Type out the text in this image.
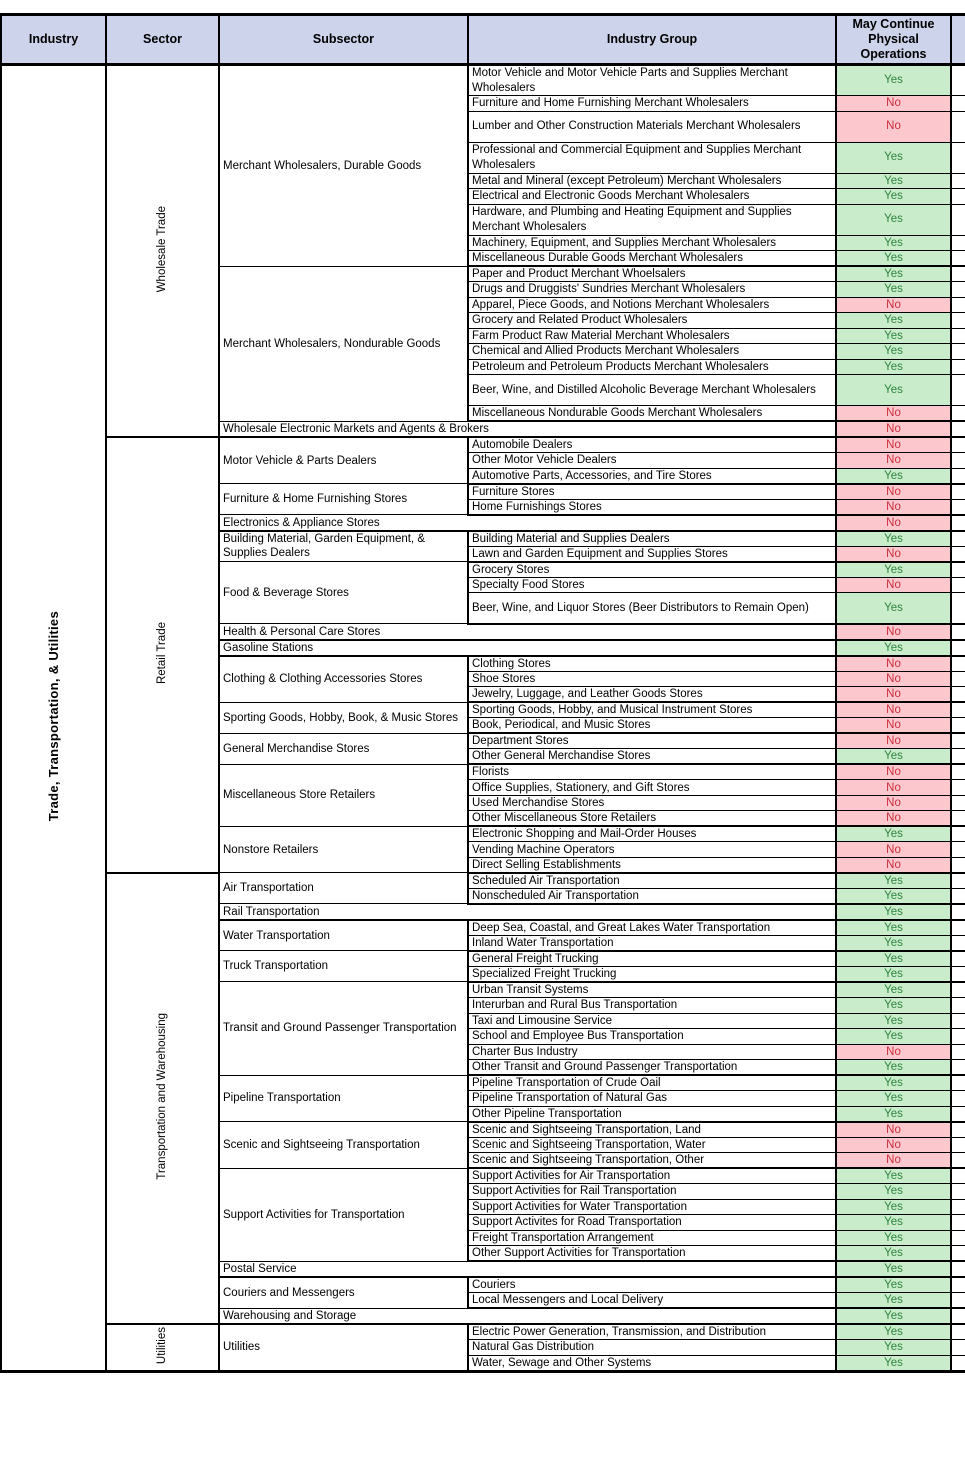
Industry	Sector	Subsector	Industry Group	May Continue Physical Operations	
Trade, Transportation, & Utilities	Wholesale Trade	Merchant Wholesalers, Durable Goods	Motor Vehicle and Motor Vehicle Parts and Supplies Merchant Wholesalers	Yes	
			Furniture and Home Furnishing Merchant Wholesalers	No	
			Lumber and Other Construction Materials Merchant Wholesalers	No	
			Professional and Commercial Equipment and Supplies Merchant Wholesalers	Yes	
			Metal and Mineral (except Petroleum) Merchant Wholesalers	Yes	
			Electrical and Electronic Goods Merchant Wholesalers	Yes	
			Hardware, and Plumbing and Heating Equipment and Supplies Merchant Wholesalers	Yes	
			Machinery, Equipment, and Supplies Merchant Wholesalers	Yes	
			Miscellaneous Durable Goods Merchant Wholesalers	Yes	
		Merchant Wholesalers, Nondurable Goods	Paper and Product Merchant Whoelsalers	Yes	
			Drugs and Druggists' Sundries Merchant Wholesalers	Yes	
			Apparel, Piece Goods, and Notions Merchant Wholesalers	No	
			Grocery and Related Product Wholesalers	Yes	
			Farm Product Raw Material Merchant Wholesalers	Yes	
			Chemical and Allied Products Merchant Wholesalers	Yes	
			Petroleum and Petroleum Products Merchant Wholesalers	Yes	
			Beer, Wine, and Distilled Alcoholic Beverage Merchant Wholesalers	Yes	
			Miscellaneous Nondurable Goods Merchant Wholesalers	No	
		Wholesale Electronic Markets and Agents & Brokers		No	
	Retail Trade	Motor Vehicle & Parts Dealers	Automobile Dealers	No	
			Other Motor Vehicle Dealers	No	
			Automotive Parts, Accessories, and Tire Stores	Yes	
		Furniture & Home Furnishing Stores	Furniture Stores	No	
			Home Furnishings Stores	No	
		Electronics & Appliance Stores		No	
		Building Material, Garden Equipment, & Supplies Dealers	Building Material and Supplies Dealers	Yes	
			Lawn and Garden Equipment and Supplies Stores	No	
		Food & Beverage Stores	Grocery Stores	Yes	
			Specialty Food Stores	No	
			Beer, Wine, and Liquor Stores (Beer Distributors to Remain Open)	Yes	
		Health & Personal Care Stores		No	
		Gasoline Stations		Yes	
		Clothing & Clothing Accessories Stores	Clothing Stores	No	
			Shoe Stores	No	
			Jewelry, Luggage, and Leather Goods Stores	No	
		Sporting Goods, Hobby, Book, & Music Stores	Sporting Goods, Hobby, and Musical Instrument Stores	No	
			Book, Periodical, and Music Stores	No	
		General Merchandise Stores	Department Stores	No	
			Other General Merchandise Stores	Yes	
		Miscellaneous Store Retailers	Florists	No	
			Office Supplies, Stationery, and Gift Stores	No	
			Used Merchandise Stores	No	
			Other Miscellaneous Store Retailers	No	
		Nonstore Retailers	Electronic Shopping and Mail-Order Houses	Yes	
			Vending Machine Operators	No	
			Direct Selling Establishments	No	
	Transportation and Warehousing	Air Transportation	Scheduled Air Transportation	Yes	
			Nonscheduled Air Transportation	Yes	
		Rail Transportation		Yes	
		Water Transportation	Deep Sea, Coastal, and Great Lakes Water Transportation	Yes	
			Inland Water Transportation	Yes	
		Truck Transportation	General Freight Trucking	Yes	
			Specialized Freight Trucking	Yes	
		Transit and Ground Passenger Transportation	Urban Transit Systems	Yes	
			Interurban and Rural Bus Transportation	Yes	
			Taxi and Limousine Service	Yes	
			School and Employee Bus Transportation	Yes	
			Charter Bus Industry	No	
			Other Transit and Ground Passenger Transportation	Yes	
		Pipeline Transportation	Pipeline Transportation of Crude Oail	Yes	
			Pipeline Transportation of Natural Gas	Yes	
			Other Pipeline Transportation	Yes	
		Scenic and Sightseeing Transportation	Scenic and Sightseeing Transportation, Land	No	
			Scenic and Sightseeing Transportation, Water	No	
			Scenic and Sightseeing Transportation, Other	No	
		Support Activities for Transportation	Support Activities for Air Transportation	Yes	
			Support Activities for Rail Transportation	Yes	
			Support Activities for Water Transportation	Yes	
			Support Activites for Road Transportation	Yes	
			Freight Transportation Arrangement	Yes	
			Other Support Activities for Transportation	Yes	
		Postal Service		Yes	
		Couriers and Messengers	Couriers	Yes	
			Local Messengers and Local Delivery	Yes	
		Warehousing and Storage		Yes	
	Utilities	Utilities	Electric Power Generation, Transmission, and Distribution	Yes	
			Natural Gas Distribution	Yes	
			Water, Sewage and Other Systems	Yes	
